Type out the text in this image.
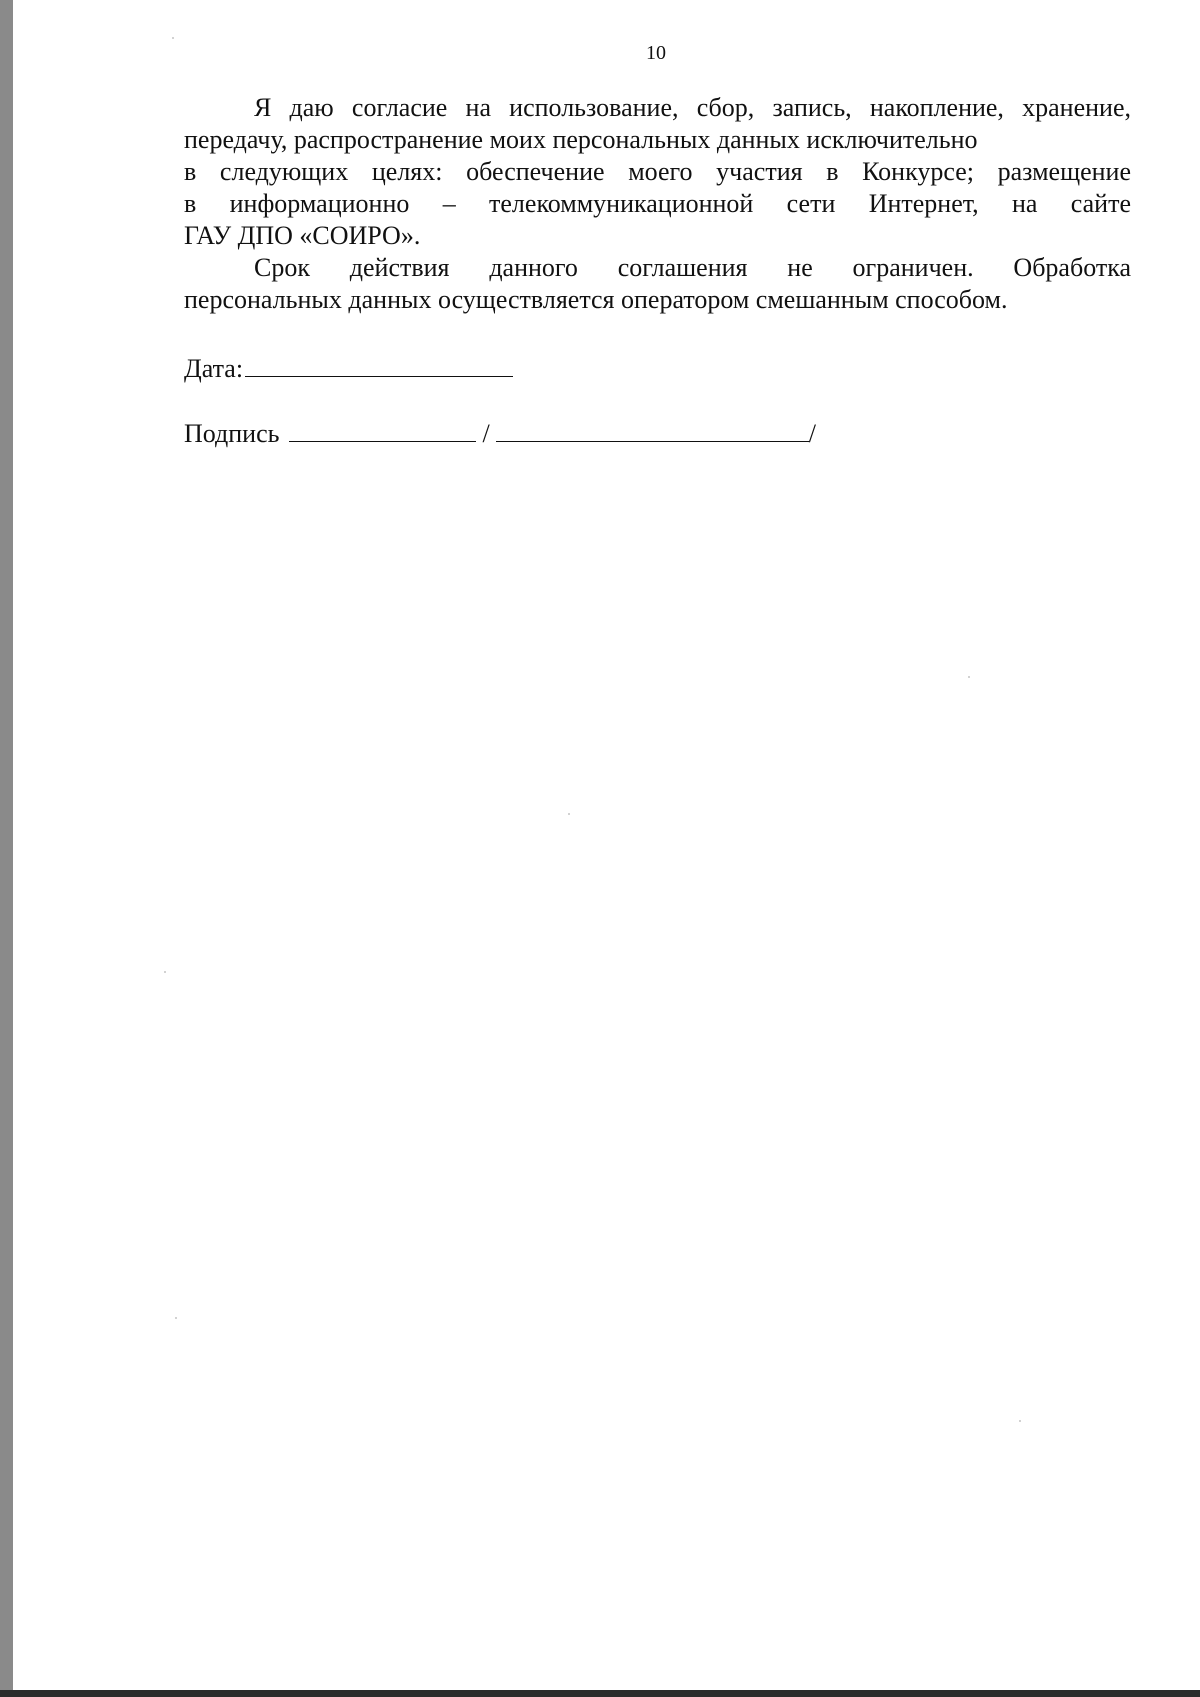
10
Я даю согласие на использование, сбор, запись, накопление, хранение,
передачу, распространение моих персональных данных исключительно
в следующих целях: обеспечение моего участия в Конкурсе; размещение
в информационно – телекоммуникационной сети Интернет, на сайте
ГАУ ДПО «СОИРО».
Срок действия данного соглашения не ограничен. Обработка
персональных данных осуществляется оператором смешанным способом.
Дата:
Подпись	/	/
